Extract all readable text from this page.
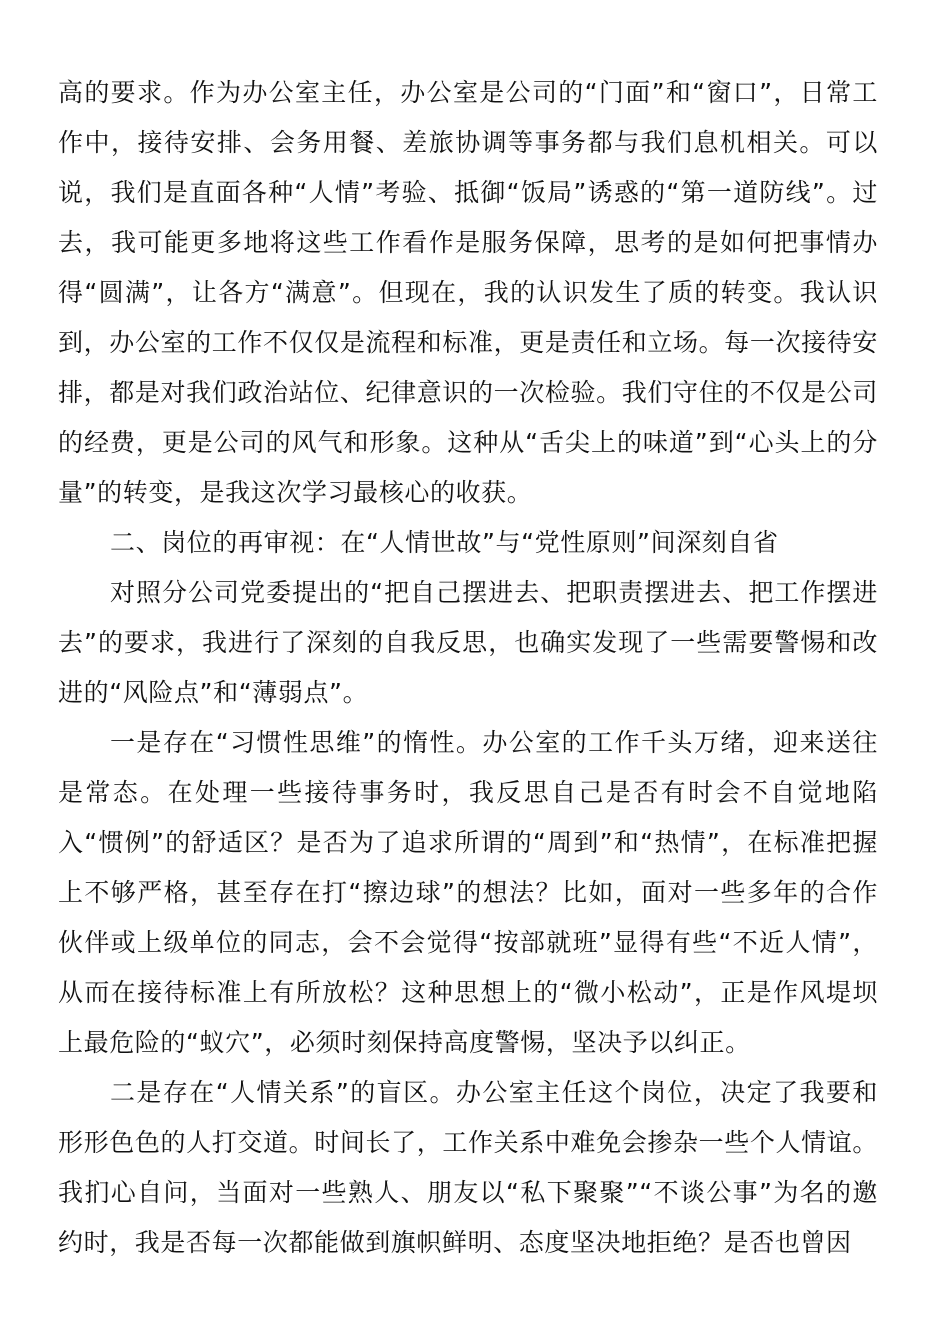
高的要求。作为办公室主任，办公室是公司的“门面”和“窗口”，日常工作中，接待安排、会务用餐、差旅协调等事务都与我们息机相关。可以说，我们是直面各种“人情”考验、抵御“饭局”诱惑的“第一道防线”。过去，我可能更多地将这些工作看作是服务保障，思考的是如何把事情办得“圆满”，让各方“满意”。但现在，我的认识发生了质的转变。我认识到，办公室的工作不仅仅是流程和标准，更是责任和立场。每一次接待安排，都是对我们政治站位、纪律意识的一次检验。我们守住的不仅是公司的经费，更是公司的风气和形象。这种从“舌尖上的味道”到“心头上的分量”的转变，是我这次学习最核心的收获。

二、岗位的再审视：在“人情世故”与“党性原则”间深刻自省

对照分公司党委提出的“把自己摆进去、把职责摆进去、把工作摆进去”的要求，我进行了深刻的自我反思，也确实发现了一些需要警惕和改进的“风险点”和“薄弱点”。

一是存在“习惯性思维”的惰性。办公室的工作千头万绪，迎来送往是常态。在处理一些接待事务时，我反思自己是否有时会不自觉地陷入“惯例”的舒适区？是否为了追求所谓的“周到”和“热情”，在标准把握上不够严格，甚至存在打“擦边球”的想法？比如，面对一些多年的合作伙伴或上级单位的同志，会不会觉得“按部就班”显得有些“不近人情”，从而在接待标准上有所放松？这种思想上的“微小松动”，正是作风堤坝上最危险的“蚁穴”，必须时刻保持高度警惕，坚决予以纠正。

二是存在“人情关系”的盲区。办公室主任这个岗位，决定了我要和形形色色的人打交道。时间长了，工作关系中难免会掺杂一些个人情谊。我扪心自问，当面对一些熟人、朋友以“私下聚聚”“不谈公事”为名的邀约时，我是否每一次都能做到旗帜鲜明、态度坚决地拒绝？是否也曾因
